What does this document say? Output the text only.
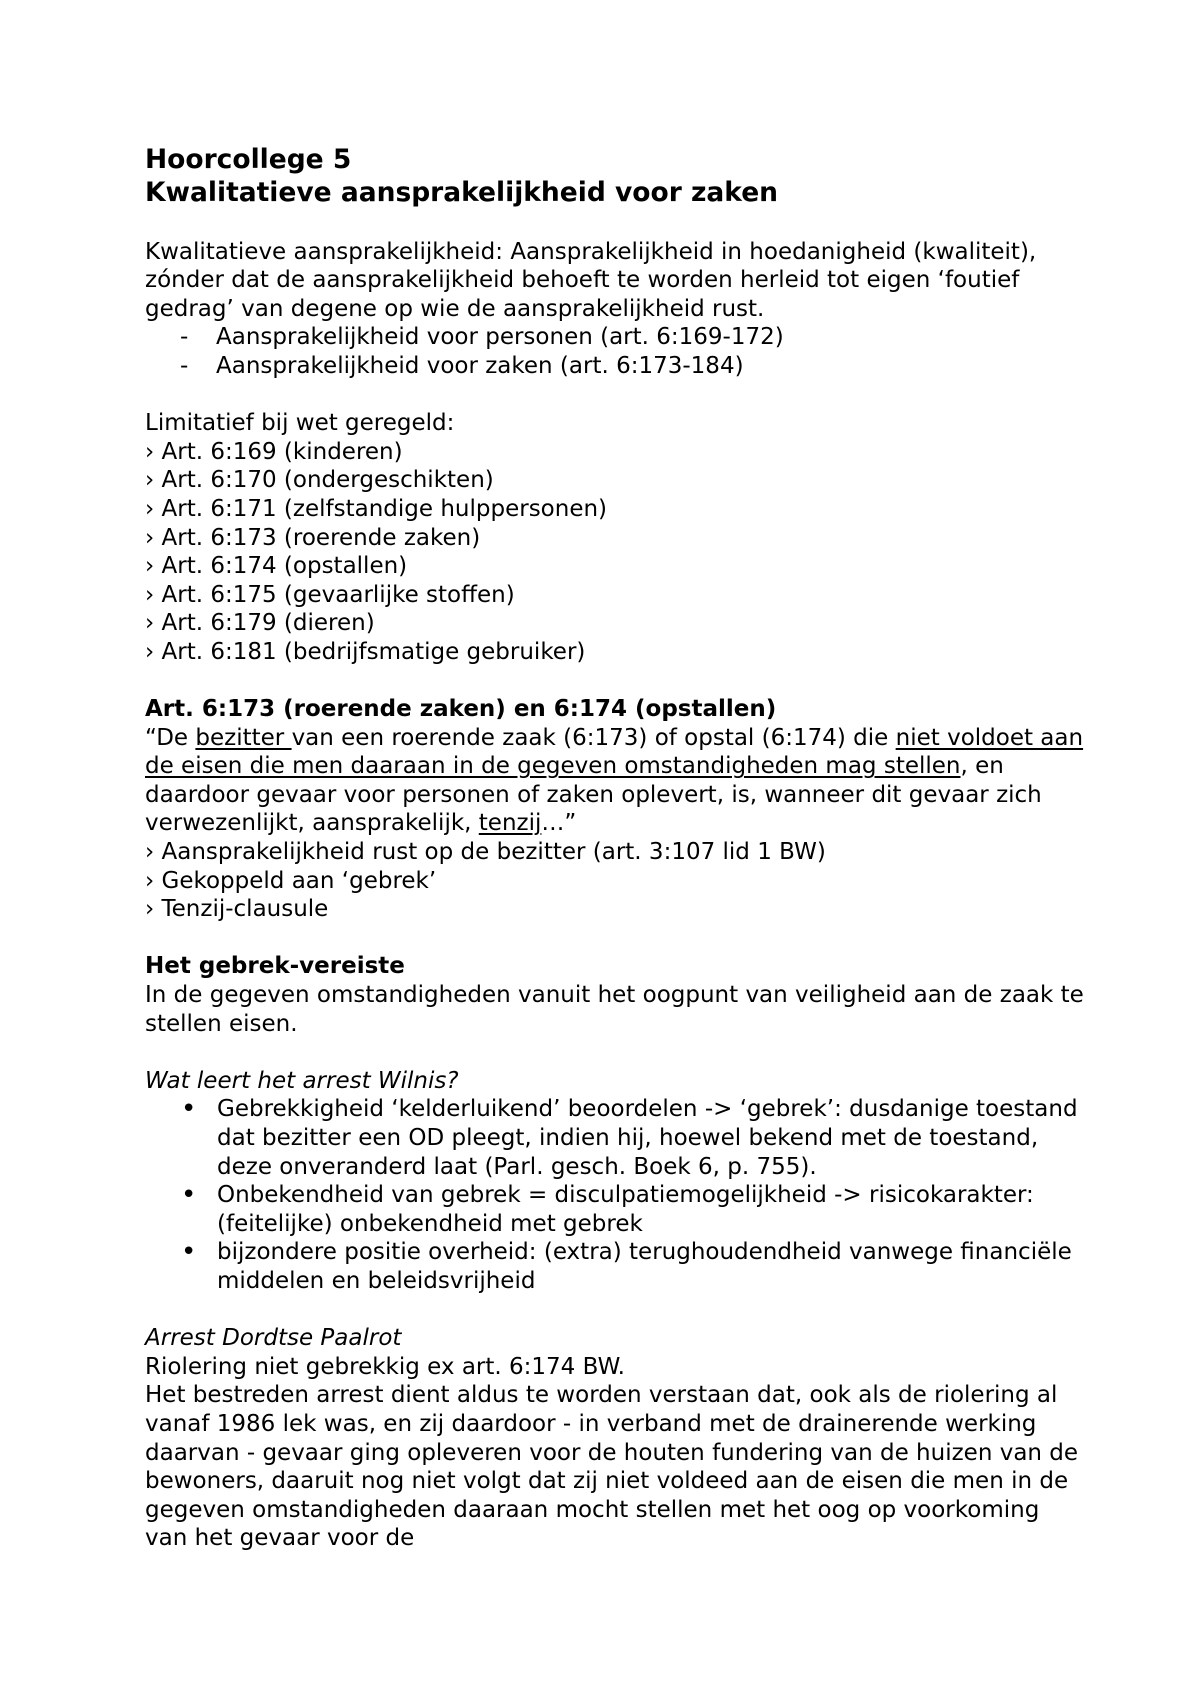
Hoorcollege 5
Kwalitatieve aansprakelijkheid voor zaken

Kwalitatieve aansprakelijkheid: Aansprakelijkheid in hoedanigheid (kwaliteit), zónder dat de aansprakelijkheid behoeft te worden herleid tot eigen ‘foutief gedrag’ van degene op wie de aansprakelijkheid rust.

- Aansprakelijkheid voor personen (art. 6:169-172)
- Aansprakelijkheid voor zaken (art. 6:173-184)

Limitatief bij wet geregeld:

› Art. 6:169 (kinderen)

› Art. 6:170 (ondergeschikten)

› Art. 6:171 (zelfstandige hulppersonen)

› Art. 6:173 (roerende zaken)

› Art. 6:174 (opstallen)

› Art. 6:175 (gevaarlijke stoffen)

› Art. 6:179 (dieren)

› Art. 6:181 (bedrijfsmatige gebruiker)

Art. 6:173 (roerende zaken) en 6:174 (opstallen)

“De bezitter van een roerende zaak (6:173) of opstal (6:174) die niet voldoet aan de eisen die men daaraan in de gegeven omstandigheden mag stellen, en daardoor gevaar voor personen of zaken oplevert, is, wanneer dit gevaar zich verwezenlijkt, aansprakelijk, tenzij…”

› Aansprakelijkheid rust op de bezitter (art. 3:107 lid 1 BW)

› Gekoppeld aan ‘gebrek’

› Tenzij-clausule

Het gebrek-vereiste

In de gegeven omstandigheden vanuit het oogpunt van veiligheid aan de zaak te stellen eisen.

Wat leert het arrest Wilnis?

• Gebrekkigheid ‘kelderluikend’ beoordelen -> ‘gebrek’: dusdanige toestand dat bezitter een OD pleegt, indien hij, hoewel bekend met de toestand, deze onveranderd laat (Parl. gesch. Boek 6, p. 755).
• Onbekendheid van gebrek = disculpatiemogelijkheid -> risicokarakter: (feitelijke) onbekendheid met gebrek
• bijzondere positie overheid: (extra) terughoudendheid vanwege financiële middelen en beleidsvrijheid

Arrest Dordtse Paalrot

Riolering niet gebrekkig ex art. 6:174 BW.

Het bestreden arrest dient aldus te worden verstaan dat, ook als de riolering al vanaf 1986 lek was, en zij daardoor - in verband met de drainerende werking daarvan - gevaar ging opleveren voor de houten fundering van de huizen van de bewoners, daaruit nog niet volgt dat zij niet voldeed aan de eisen die men in de gegeven omstandigheden daaraan mocht stellen met het oog op voorkoming van het gevaar voor de
